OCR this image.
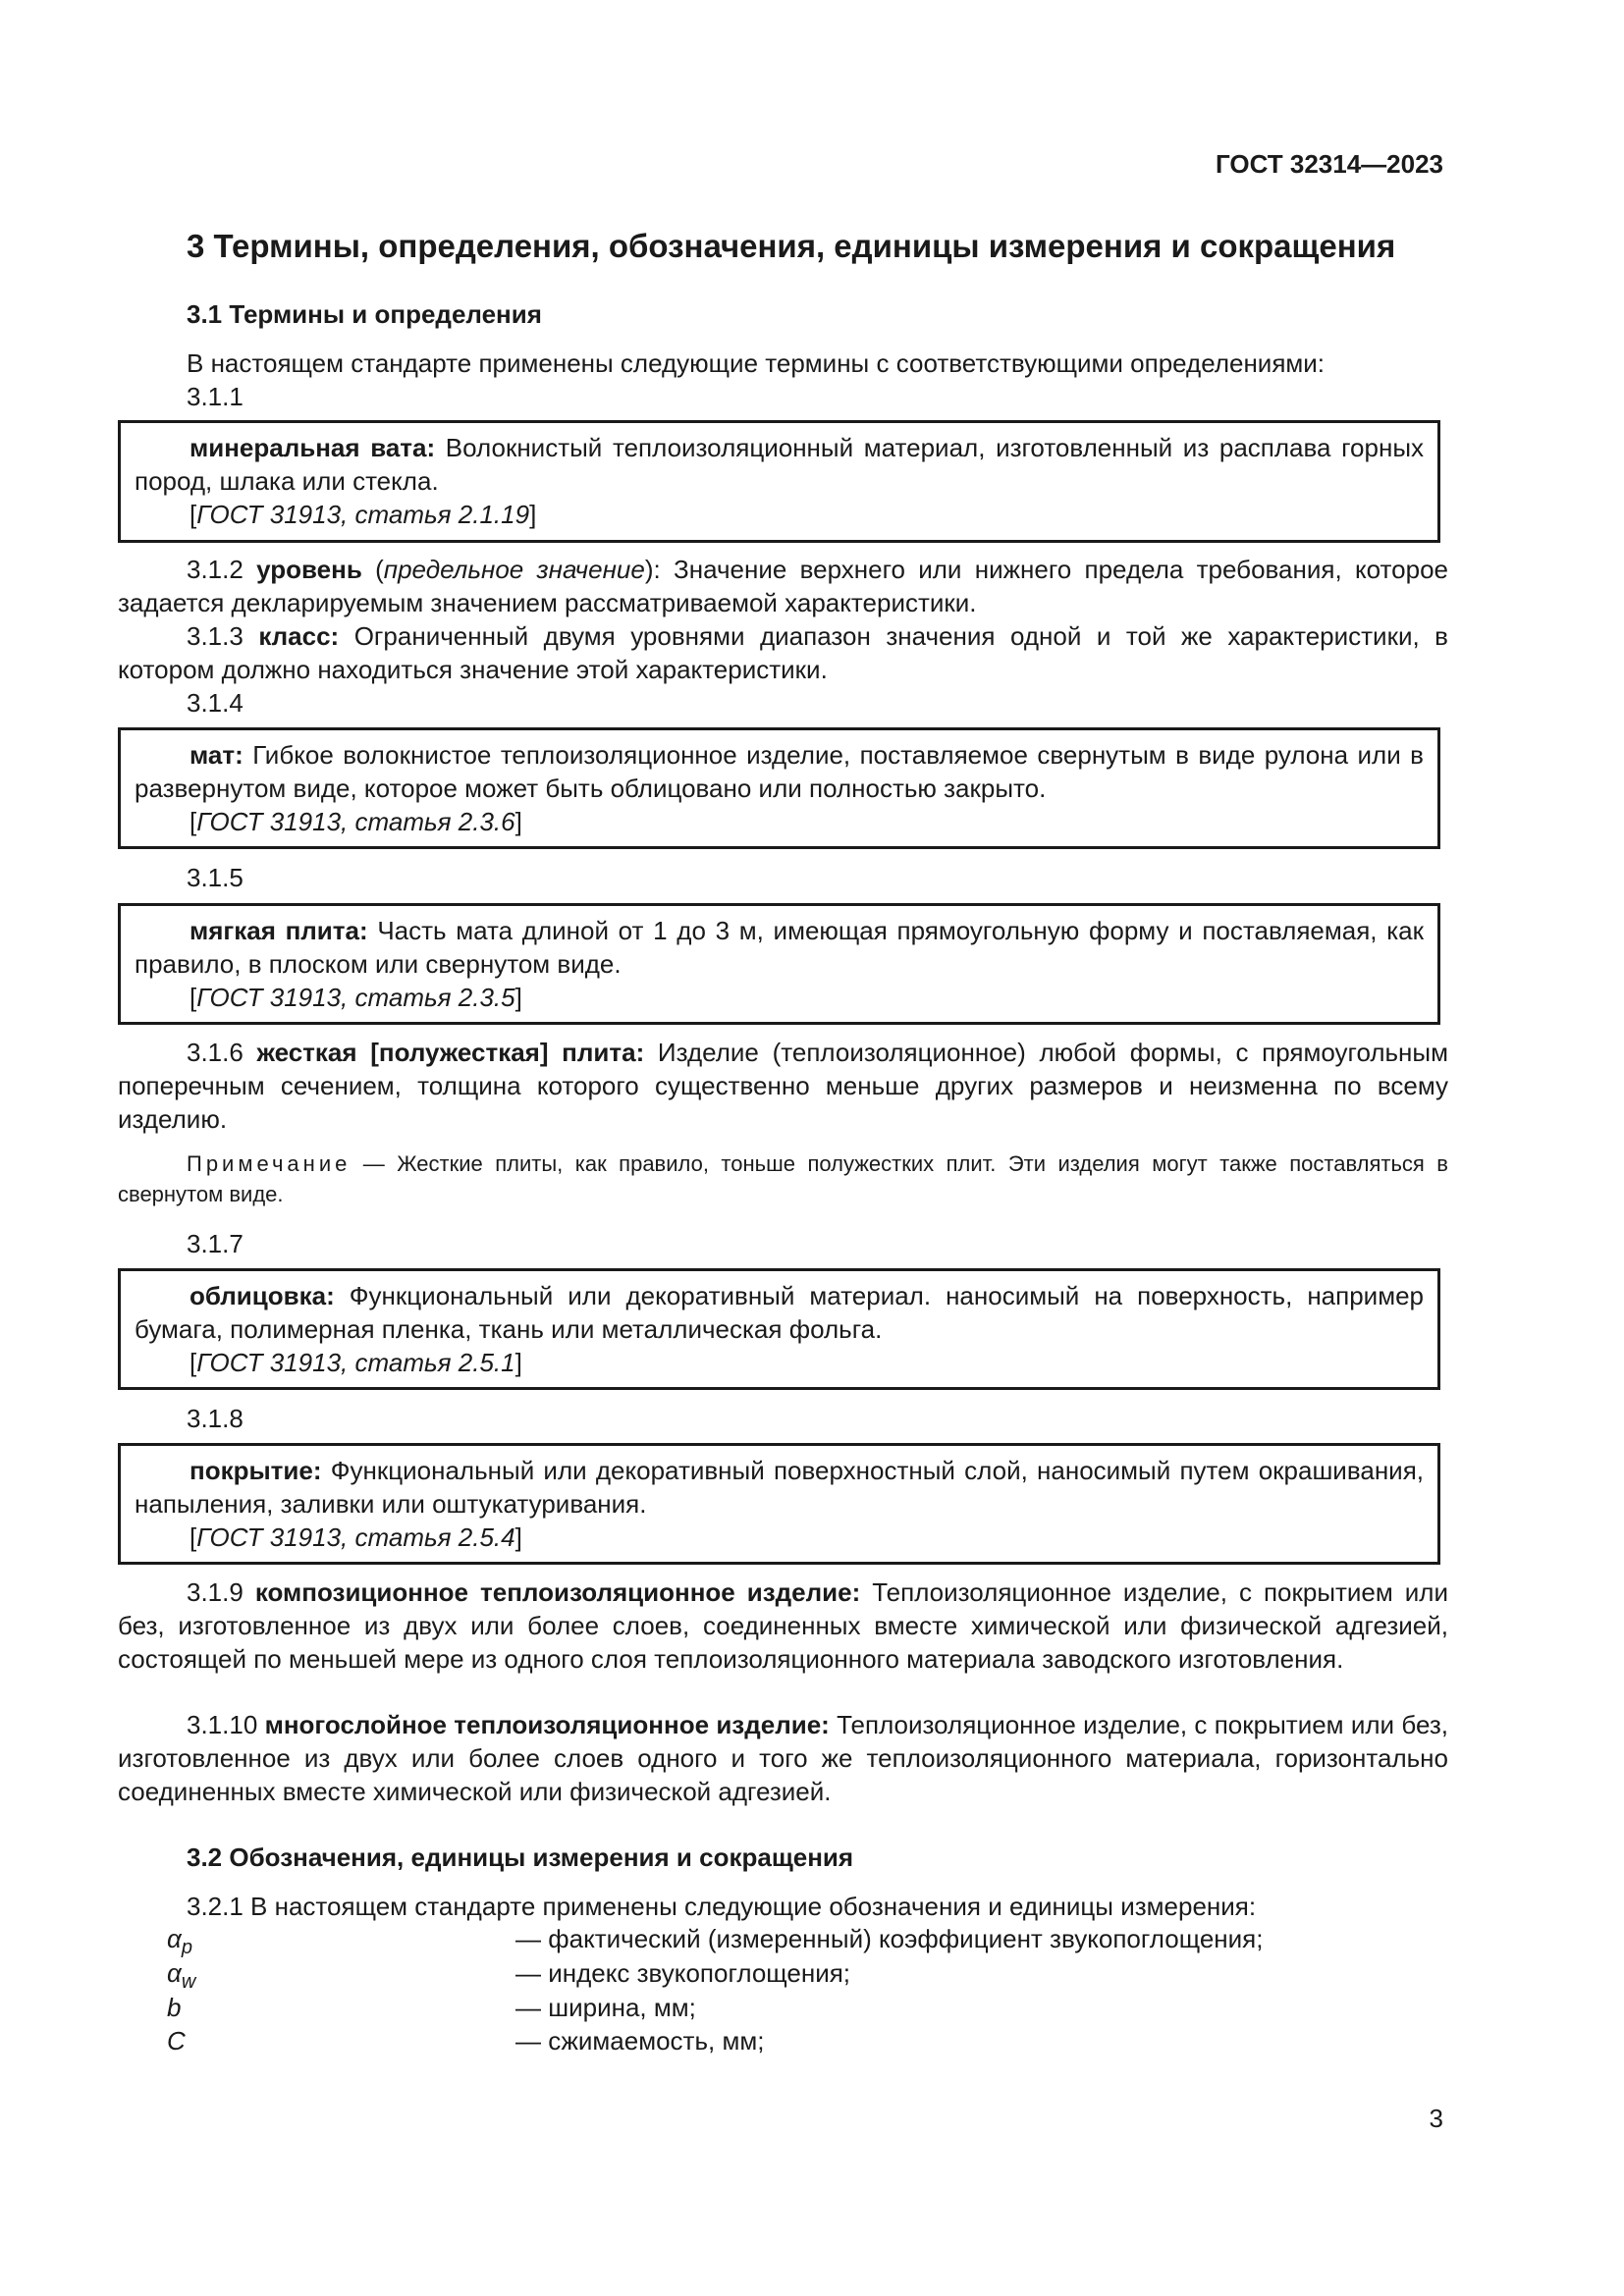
ГОСТ 32314—2023
3 Термины, определения, обозначения, единицы измерения и сокращения
3.1 Термины и определения
В настоящем стандарте применены следующие термины с соответствующими определениями:
3.1.1

минеральная вата: Волокнистый теплоизоляционный материал, изготовленный из расплава горных пород, шлака или стекла.

[ГОСТ 31913, статья 2.1.19]

3.1.2 уровень (предельное значение): Значение верхнего или нижнего предела требования, которое задается декларируемым значением рассматриваемой характеристики.
3.1.3 класс: Ограниченный двумя уровнями диапазон значения одной и той же характеристики, в котором должно находиться значение этой характеристики.
3.1.4

мат: Гибкое волокнистое теплоизоляционное изделие, поставляемое свернутым в виде рулона или в развернутом виде, которое может быть облицовано или полностью закрыто.

[ГОСТ 31913, статья 2.3.6]

3.1.5

мягкая плита: Часть мата длиной от 1 до 3 м, имеющая прямоугольную форму и поставляемая, как правило, в плоском или свернутом виде.

[ГОСТ 31913, статья 2.3.5]

3.1.6 жесткая [полужесткая] плита: Изделие (теплоизоляционное) любой формы, с прямоугольным поперечным сечением, толщина которого существенно меньше других размеров и неизменна по всему изделию.
Примечание — Жесткие плиты, как правило, тоньше полужестких плит. Эти изделия могут также поставляться в свернутом виде.
3.1.7

облицовка: Функциональный или декоративный материал. наносимый на поверхность, например бумага, полимерная пленка, ткань или металлическая фольга.

[ГОСТ 31913, статья 2.5.1]

3.1.8

покрытие: Функциональный или декоративный поверхностный слой, наносимый путем окрашивания, напыления, заливки или оштукатуривания.

[ГОСТ 31913, статья 2.5.4]

3.1.9 композиционное теплоизоляционное изделие: Теплоизоляционное изделие, с покрытием или без, изготовленное из двух или более слоев, соединенных вместе химической или физической адгезией, состоящей по меньшей мере из одного слоя теплоизоляционного материала заводского изготовления.
3.1.10 многослойное теплоизоляционное изделие: Теплоизоляционное изделие, с покрытием или без, изготовленное из двух или более слоев одного и того же теплоизоляционного материала, горизонтально соединенных вместе химической или физической адгезией.
3.2 Обозначения, единицы измерения и сокращения
3.2.1 В настоящем стандарте применены следующие обозначения и единицы измерения:
$\alpha_p$	— фактический (измеренный) коэффициент звукопоглощения;
$\alpha_w$	— индекс звукопоглощения;
b	— ширина, мм;
C	— сжимаемость, мм;
3
